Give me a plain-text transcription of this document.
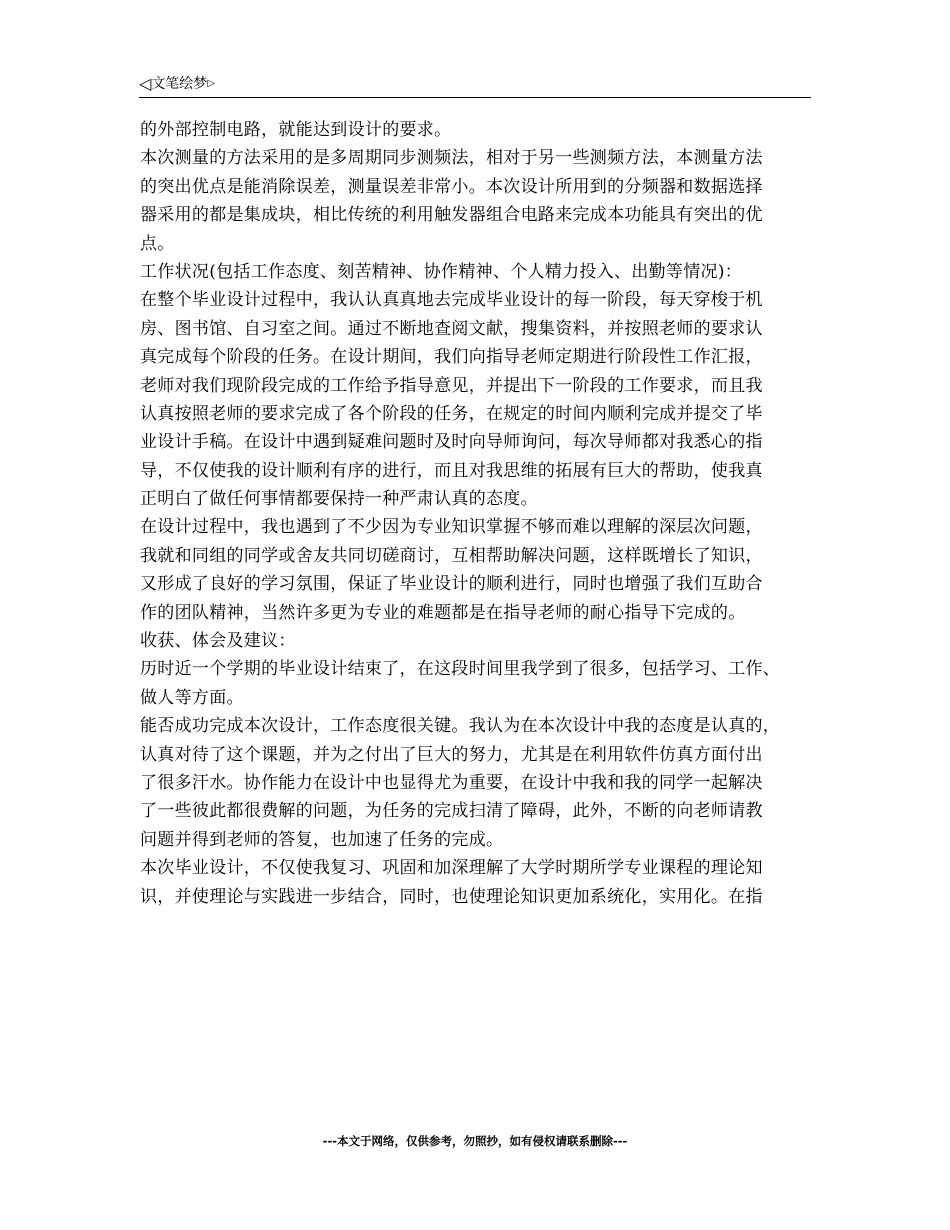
◁文笔绘梦▷
的外部控制电路，就能达到设计的要求。
本次测量的方法采用的是多周期同步测频法，相对于另一些测频方法，本测量方法
的突出优点是能消除误差，测量误差非常小。本次设计所用到的分频器和数据选择
器采用的都是集成块，相比传统的利用触发器组合电路来完成本功能具有突出的优
点。
工作状况(包括工作态度、刻苦精神、协作精神、个人精力投入、出勤等情况)：
在整个毕业设计过程中，我认认真真地去完成毕业设计的每一阶段，每天穿梭于机
房、图书馆、自习室之间。通过不断地查阅文献，搜集资料，并按照老师的要求认
真完成每个阶段的任务。在设计期间，我们向指导老师定期进行阶段性工作汇报，
老师对我们现阶段完成的工作给予指导意见，并提出下一阶段的工作要求，而且我
认真按照老师的要求完成了各个阶段的任务，在规定的时间内顺利完成并提交了毕
业设计手稿。在设计中遇到疑难问题时及时向导师询问，每次导师都对我悉心的指
导，不仅使我的设计顺利有序的进行，而且对我思维的拓展有巨大的帮助，使我真
正明白了做任何事情都要保持一种严肃认真的态度。
在设计过程中，我也遇到了不少因为专业知识掌握不够而难以理解的深层次问题，
我就和同组的同学或舍友共同切磋商讨，互相帮助解决问题，这样既增长了知识，
又形成了良好的学习氛围，保证了毕业设计的顺利进行，同时也增强了我们互助合
作的团队精神，当然许多更为专业的难题都是在指导老师的耐心指导下完成的。
收获、体会及建议：
历时近一个学期的毕业设计结束了，在这段时间里我学到了很多，包括学习、工作、
做人等方面。
能否成功完成本次设计，工作态度很关键。我认为在本次设计中我的态度是认真的，
认真对待了这个课题，并为之付出了巨大的努力，尤其是在利用软件仿真方面付出
了很多汗水。协作能力在设计中也显得尤为重要，在设计中我和我的同学一起解决
了一些彼此都很费解的问题，为任务的完成扫清了障碍，此外，不断的向老师请教
问题并得到老师的答复，也加速了任务的完成。
本次毕业设计，不仅使我复习、巩固和加深理解了大学时期所学专业课程的理论知
识，并使理论与实践进一步结合，同时，也使理论知识更加系统化，实用化。在指
---本文于网络，仅供参考，勿照抄，如有侵权请联系删除---
